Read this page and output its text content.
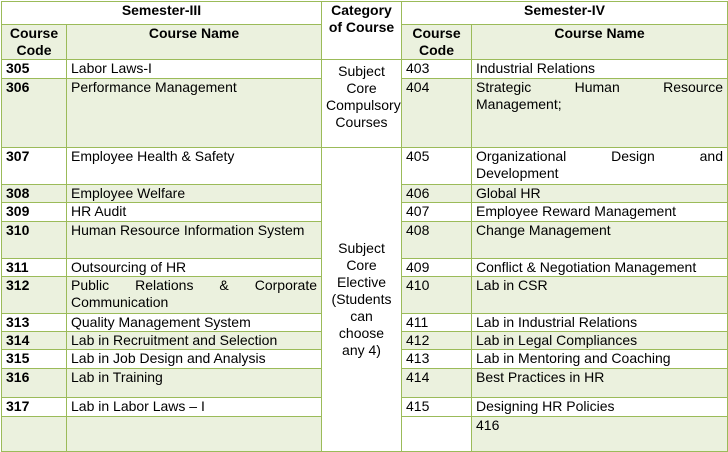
Semester-III		Category of Course	Semester-IV		
Course Code	Course Name		Course Code	Course Name	
305	Labor Laws-I	Subject Core Compulsory Courses	403	Industrial Relations	
306	Performance Management		404	Strategic Human Resource Management;	
307	Employee Health & Safety	Subject Core Elective (Students can choose any 4)	405	Organizational Design and Development	
308	Employee Welfare		406	Global HR	
309	HR Audit		407	Employee Reward Management	
310	Human Resource Information System		408	Change Management	
311	Outsourcing of HR		409	Conflict & Negotiation Management	
312	Public Relations & Corporate Communication		410	Lab in CSR	
313	Quality Management System		411	Lab in Industrial Relations	
314	Lab in Recruitment and Selection		412	Lab in Legal Compliances	
315	Lab in Job Design and Analysis		413	Lab in Mentoring and Coaching	
316	Lab in Training		414	Best Practices in HR	
317	Lab in Labor Laws – I		415	Designing HR Policies	
				416	
